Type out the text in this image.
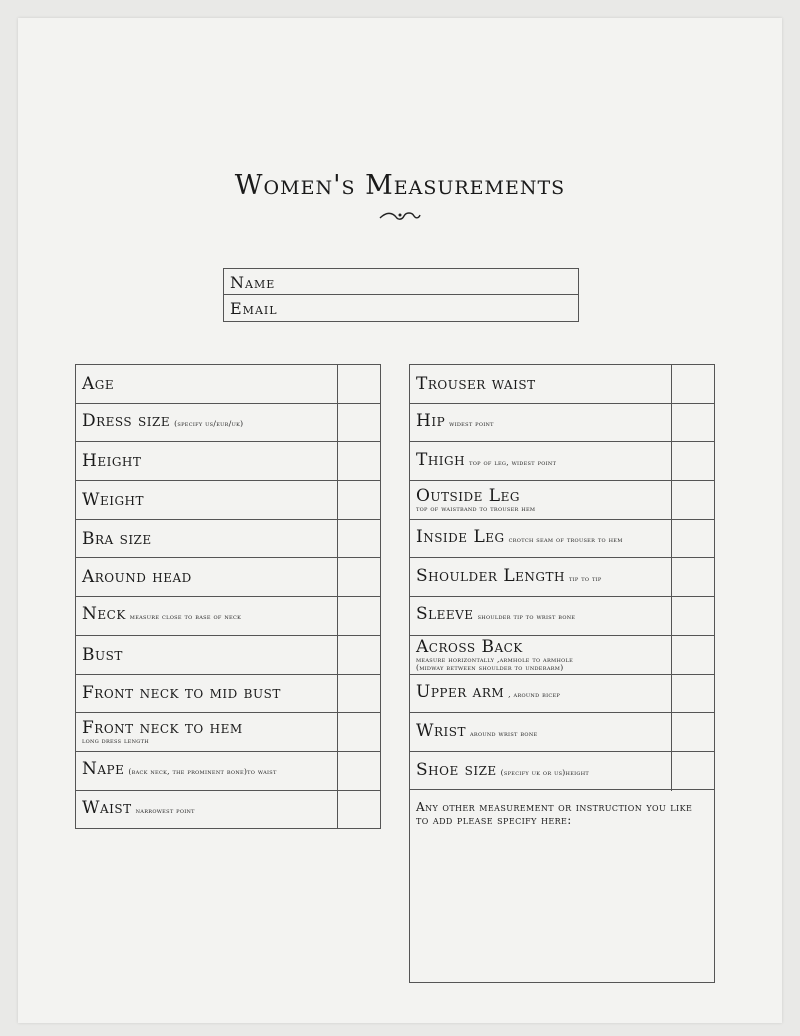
Women's Measurements
Name
Email
Age
Dress size (specify us/eur/uk)
Height
Weight
Bra size
Around head
Neck measure close to base of neck
Bust
Front neck to mid bust
Front neck to hem
long dress length
Nape (back neck, the prominent bone)to waist
Waist narrowest point
Trouser waist
Hip widest point
Thigh top of leg, widest point
Outside Leg
top of waistband to trouser hem
Inside Leg crotch seam of trouser to hem
Shoulder Length tip to tip
Sleeve shoulder tip to wrist bone
Across Back
measure horizontally ,armhole to armhole
(midway between shoulder to underarm)
Upper arm , around bicep
Wrist around wrist bone
Shoe size (specify uk or us)height
Any other measurement or instruction you like to add please specify here:
